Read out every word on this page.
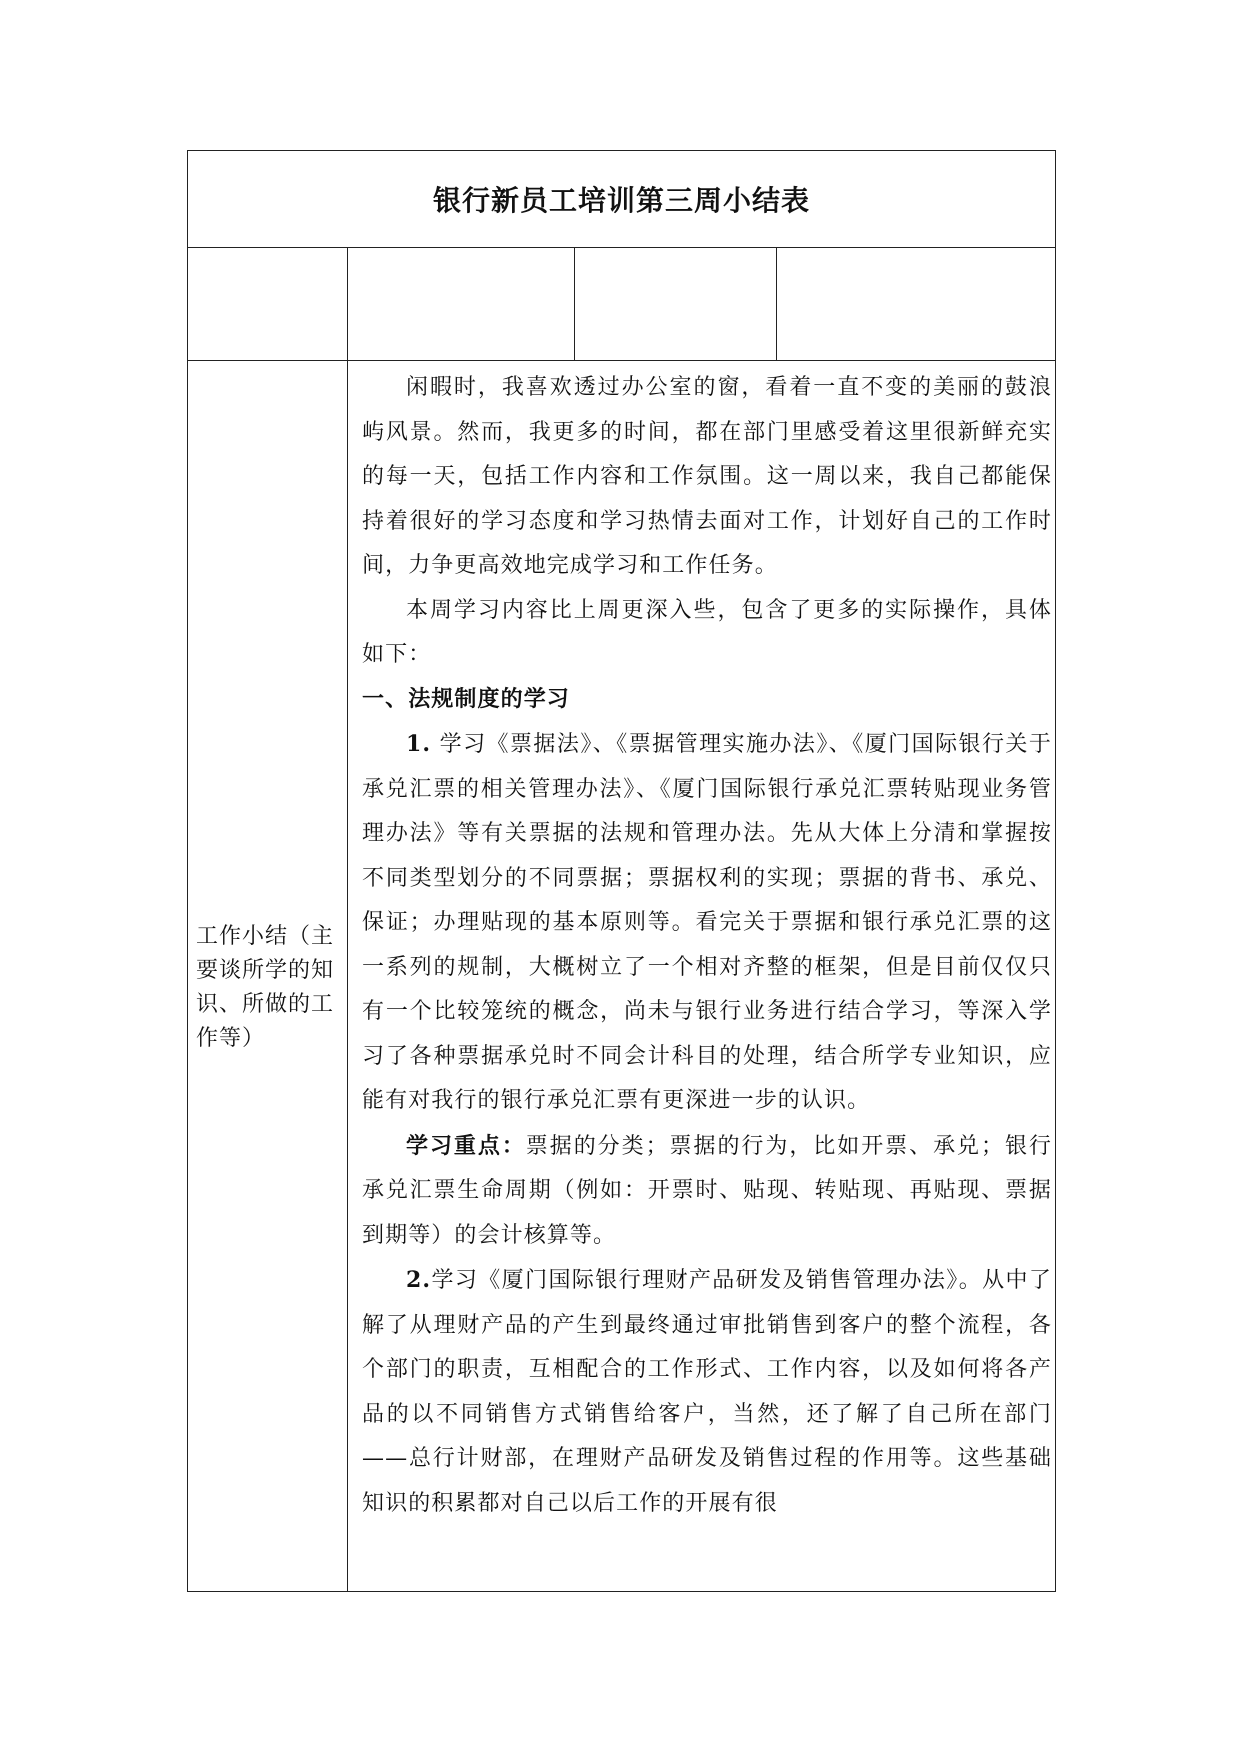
银行新员工培训第三周小结表
工作小结（主要谈所学的知识、所做的工作等）

闲暇时，我喜欢透过办公室的窗，看着一直不变的美丽的鼓浪屿风景。然而，我更多的时间，都在部门里感受着这里很新鲜充实的每一天，包括工作内容和工作氛围。这一周以来，我自己都能保持着很好的学习态度和学习热情去面对工作，计划好自己的工作时间，力争更高效地完成学习和工作任务。

本周学习内容比上周更深入些，包含了更多的实际操作，具体如下：

一、法规制度的学习

1. 学习《票据法》、《票据管理实施办法》、《厦门国际银行关于承兑汇票的相关管理办法》、《厦门国际银行承兑汇票转贴现业务管理办法》等有关票据的法规和管理办法。先从大体上分清和掌握按不同类型划分的不同票据；票据权利的实现；票据的背书、承兑、保证；办理贴现的基本原则等。看完关于票据和银行承兑汇票的这一系列的规制，大概树立了一个相对齐整的框架，但是目前仅仅只有一个比较笼统的概念，尚未与银行业务进行结合学习，等深入学习了各种票据承兑时不同会计科目的处理，结合所学专业知识，应能有对我行的银行承兑汇票有更深进一步的认识。

学习重点：票据的分类；票据的行为，比如开票、承兑；银行承兑汇票生命周期（例如：开票时、贴现、转贴现、再贴现、票据到期等）的会计核算等。

2.学习《厦门国际银行理财产品研发及销售管理办法》。从中了解了从理财产品的产生到最终通过审批销售到客户的整个流程，各个部门的职责，互相配合的工作形式、工作内容，以及如何将各产品的以不同销售方式销售给客户，当然，还了解了自己所在部门——总行计财部，在理财产品研发及销售过程的作用等。这些基础知识的积累都对自己以后工作的开展有很
